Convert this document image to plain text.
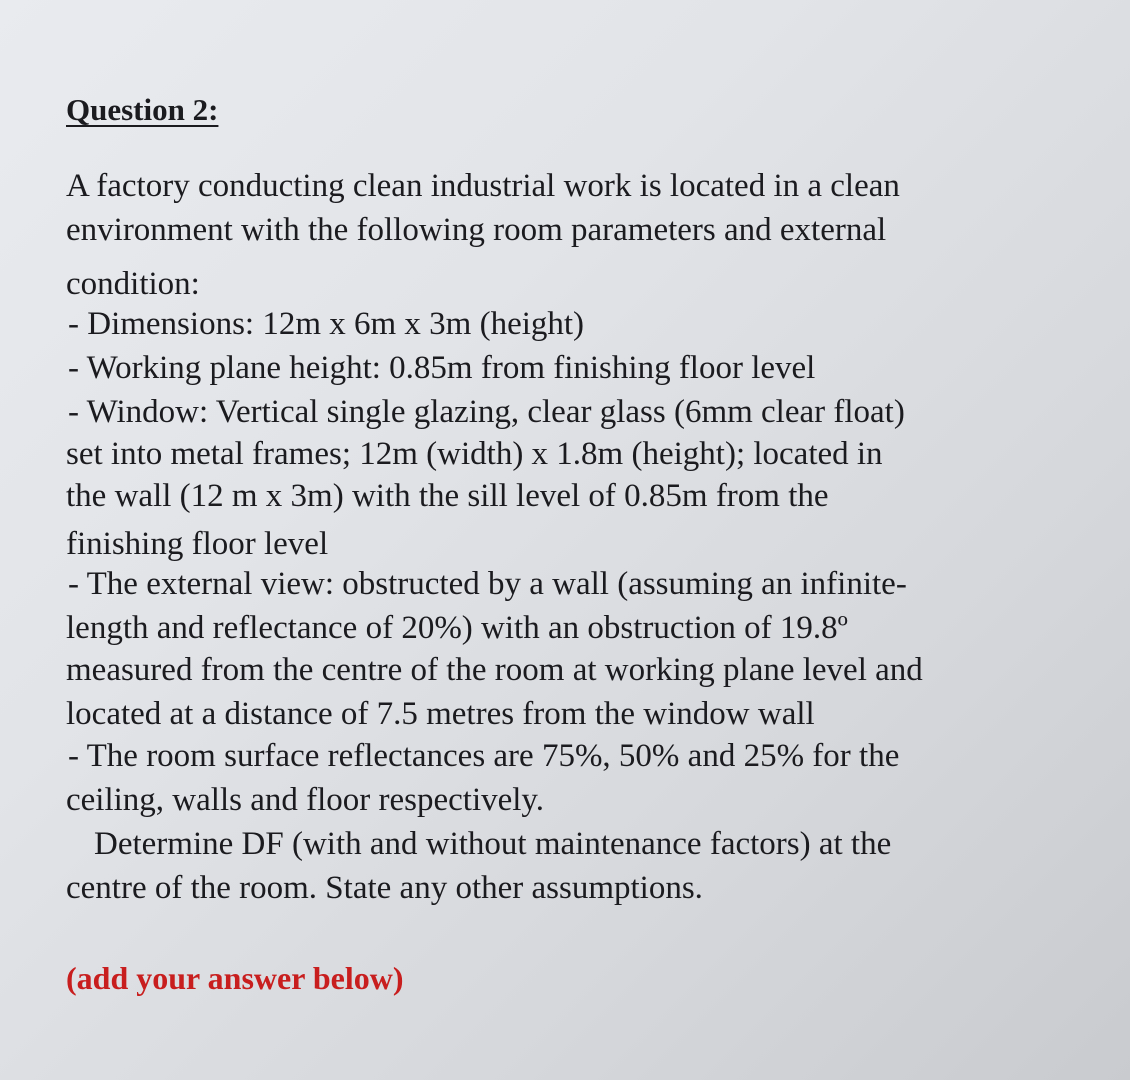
Question 2:
A factory conducting clean industrial work is located in a clean
environment with the following room parameters and external
condition:
- Dimensions: 12m x 6m x 3m (height)
- Working plane height: 0.85m from finishing floor level
- Window: Vertical single glazing, clear glass (6mm clear float)
set into metal frames; 12m (width) x 1.8m (height); located in
the wall (12 m x 3m) with the sill level of 0.85m from the
finishing floor level
- The external view: obstructed by a wall (assuming an infinite-
length and reflectance of 20%) with an obstruction of 19.8º
measured from the centre of the room at working plane level and
located at a distance of 7.5 metres from the window wall
- The room surface reflectances are 75%, 50% and 25% for the
ceiling, walls and floor respectively.
Determine DF (with and without maintenance factors) at the
centre of the room. State any other assumptions.
(add your answer below)
